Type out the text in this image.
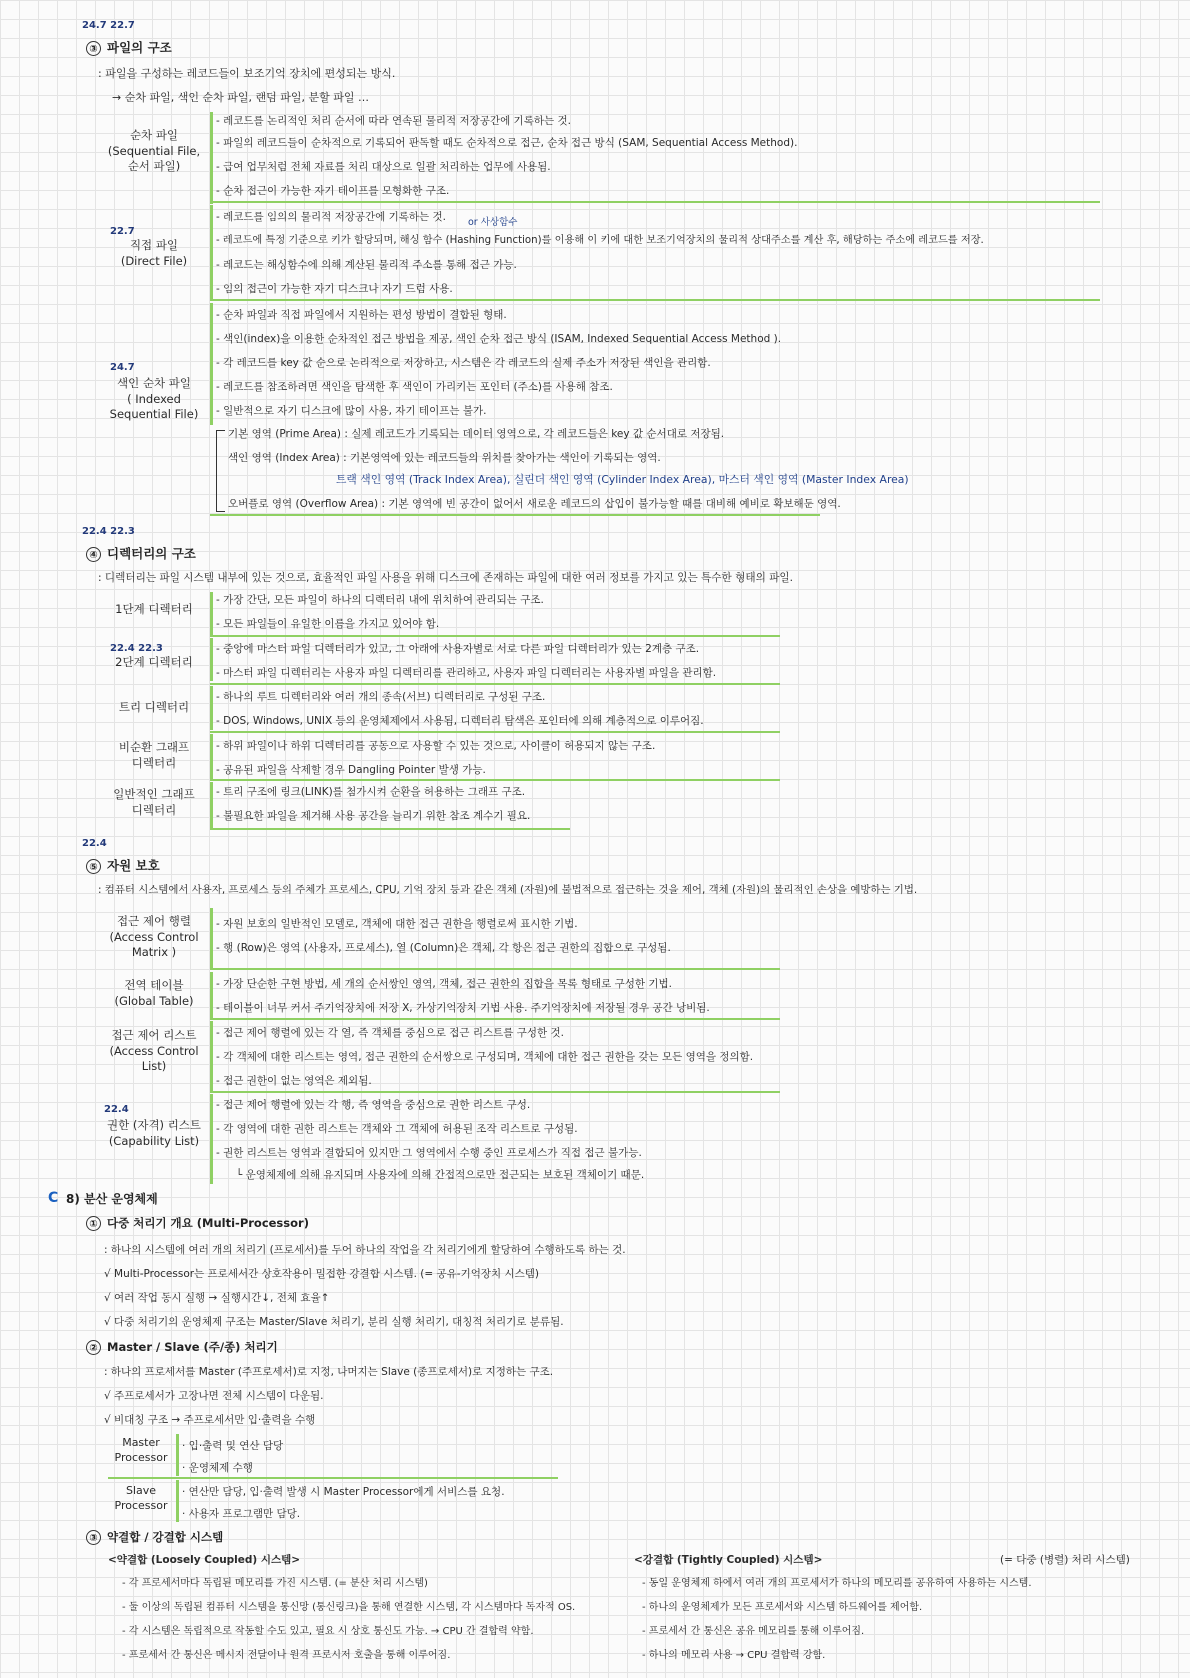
24.7 22.7
③ 파일의 구조
: 파일을 구성하는 레코드들이 보조기억 장치에 편성되는 방식.
→ 순차 파일, 색인 순차 파일, 랜덤 파일, 분할 파일 …
순차 파일
(Sequential File,
순서 파일)
- 레코드를 논리적인 처리 순서에 따라 연속된 물리적 저장공간에 기록하는 것.
- 파일의 레코드들이 순차적으로 기록되어 판독할 때도 순차적으로 접근, 순차 접근 방식 (SAM, Sequential Access Method).
- 급여 업무처럼 전체 자료를 처리 대상으로 일괄 처리하는 업무에 사용됨.
- 순차 접근이 가능한 자기 테이프를 모형화한 구조.
22.7
직접 파일
(Direct File)
or 사상함수
- 레코드를 임의의 물리적 저장공간에 기록하는 것.
- 레코드에 특정 기준으로 키가 할당되며, 해싱 함수 (Hashing Function)를 이용해 이 키에 대한 보조기억장치의 물리적 상대주소를 계산 후, 해당하는 주소에 레코드를 저장.
- 레코드는 해싱함수에 의해 계산된 물리적 주소를 통해 접근 가능.
- 임의 접근이 가능한 자기 디스크나 자기 드럼 사용.
24.7
색인 순차 파일
( Indexed
Sequential File)
- 순차 파일과 직접 파일에서 지원하는 편성 방법이 결합된 형태.
- 색인(index)을 이용한 순차적인 접근 방법을 제공, 색인 순차 접근 방식 (ISAM, Indexed Sequential Access Method ).
- 각 레코드를 key 값 순으로 논리적으로 저장하고, 시스템은 각 레코드의 실제 주소가 저장된 색인을 관리함.
- 레코드를 참조하려면 색인을 탐색한 후 색인이 가리키는 포인터 (주소)를 사용해 참조.
- 일반적으로 자기 디스크에 많이 사용, 자기 테이프는 불가.
기본 영역 (Prime Area) : 실제 레코드가 기록되는 데이터 영역으로, 각 레코드들은 key 값 순서대로 저장됨.
색인 영역 (Index Area) : 기본영역에 있는 레코드들의 위치를 찾아가는 색인이 기록되는 영역.
트랙 색인 영역 (Track Index Area), 실린더 색인 영역 (Cylinder Index Area), 마스터 색인 영역 (Master Index Area)
오버플로 영역 (Overflow Area) : 기본 영역에 빈 공간이 없어서 새로운 레코드의 삽입이 불가능할 때를 대비해 예비로 확보해둔 영역.
22.4 22.3
④ 디렉터리의 구조
: 디렉터리는 파일 시스템 내부에 있는 것으로, 효율적인 파일 사용을 위해 디스크에 존재하는 파일에 대한 여러 정보를 가지고 있는 특수한 형태의 파일.
1단계 디렉터리
- 가장 간단, 모든 파일이 하나의 디렉터리 내에 위치하여 관리되는 구조.
- 모든 파일들이 유일한 이름을 가지고 있어야 함.
22.4 22.3
2단계 디렉터리
- 중앙에 마스터 파일 디렉터리가 있고, 그 아래에 사용자별로 서로 다른 파일 디렉터리가 있는 2계층 구조.
- 마스터 파일 디렉터리는 사용자 파일 디렉터리를 관리하고, 사용자 파일 디렉터리는 사용자별 파일을 관리함.
트리 디렉터리
- 하나의 루트 디렉터리와 여러 개의 종속(서브) 디렉터리로 구성된 구조.
- DOS, Windows, UNIX 등의 운영체제에서 사용됨, 디렉터리 탐색은 포인터에 의해 계층적으로 이루어짐.
비순환 그래프
디렉터리
- 하위 파일이나 하위 디렉터리를 공동으로 사용할 수 있는 것으로, 사이클이 허용되지 않는 구조.
- 공유된 파일을 삭제할 경우 Dangling Pointer 발생 가능.
일반적인 그래프
디렉터리
- 트리 구조에 링크(LINK)를 첨가시켜 순환을 허용하는 그래프 구조.
- 불필요한 파일을 제거해 사용 공간을 늘리기 위한 참조 계수기 필요.
22.4
⑤ 자원 보호
: 컴퓨터 시스템에서 사용자, 프로세스 등의 주체가 프로세스, CPU, 기억 장치 등과 같은 객체 (자원)에 불법적으로 접근하는 것을 제어, 객체 (자원)의 물리적인 손상을 예방하는 기법.
접근 제어 행렬
(Access Control
Matrix )
- 자원 보호의 일반적인 모델로, 객체에 대한 접근 권한을 행렬로써 표시한 기법.
- 행 (Row)은 영역 (사용자, 프로세스), 열 (Column)은 객체, 각 항은 접근 권한의 집합으로 구성됨.
전역 테이블
(Global Table)
- 가장 단순한 구현 방법, 세 개의 순서쌍인 영역, 객체, 접근 권한의 집합을 목록 형태로 구성한 기법.
- 테이블이 너무 커서 주기억장치에 저장 X, 가상기억장치 기법 사용. 주기억장치에 저장될 경우 공간 낭비됨.
접근 제어 리스트
(Access Control
List)
- 접근 제어 행렬에 있는 각 열, 즉 객체를 중심으로 접근 리스트를 구성한 것.
- 각 객체에 대한 리스트는 영역, 접근 권한의 순서쌍으로 구성되며, 객체에 대한 접근 권한을 갖는 모든 영역을 정의함.
- 접근 권한이 없는 영역은 제외됨.
22.4
권한 (자격) 리스트
(Capability List)
- 접근 제어 행렬에 있는 각 행, 즉 영역을 중심으로 권한 리스트 구성.
- 각 영역에 대한 권한 리스트는 객체와 그 객체에 허용된 조작 리스트로 구성됨.
- 권한 리스트는 영역과 결합되어 있지만 그 영역에서 수행 중인 프로세스가 직접 접근 불가능.
└ 운영체제에 의해 유지되며 사용자에 의해 간접적으로만 접근되는 보호된 객체이기 때문.
C 8) 분산 운영체제
① 다중 처리기 개요 (Multi-Processor)
: 하나의 시스템에 여러 개의 처리기 (프로세서)를 두어 하나의 작업을 각 처리기에게 할당하여 수행하도록 하는 것.
√ Multi-Processor는 프로세서간 상호작용이 밀접한 강결합 시스템. (= 공유-기억장치 시스템)
√ 여러 작업 동시 실행 → 실행시간↓, 전체 효율↑
√ 다중 처리기의 운영체제 구조는 Master/Slave 처리기, 분리 실행 처리기, 대칭적 처리기로 분류됨.
② Master / Slave (주/종) 처리기
: 하나의 프로세서를 Master (주프로세서)로 지정, 나머지는 Slave (종프로세서)로 지정하는 구조.
√ 주프로세서가 고장나면 전체 시스템이 다운됨.
√ 비대칭 구조 → 주프로세서만 입·출력을 수행
Master
Processor
· 입·출력 및 연산 담당
· 운영체제 수행
Slave
Processor
· 연산만 담당, 입·출력 발생 시 Master Processor에게 서비스를 요청.
· 사용자 프로그램만 담당.
③ 약결합 / 강결합 시스템
<약결합 (Loosely Coupled) 시스템>
- 각 프로세서마다 독립된 메모리를 가진 시스템. (= 분산 처리 시스템)
- 둘 이상의 독립된 컴퓨터 시스템을 통신망 (통신링크)을 통해 연결한 시스템, 각 시스템마다 독자적 OS.
- 각 시스템은 독립적으로 작동할 수도 있고, 필요 시 상호 통신도 가능. → CPU 간 결합력 약함.
- 프로세서 간 통신은 메시지 전달이나 원격 프로시저 호출을 통해 이루어짐.
<강결합 (Tightly Coupled) 시스템>	(= 다중 (병렬) 처리 시스템)
- 동일 운영체제 하에서 여러 개의 프로세서가 하나의 메모리를 공유하여 사용하는 시스템.
- 하나의 운영체제가 모든 프로세서와 시스템 하드웨어를 제어함.
- 프로세서 간 통신은 공유 메모리를 통해 이루어짐.
- 하나의 메모리 사용 → CPU 결합력 강함.
